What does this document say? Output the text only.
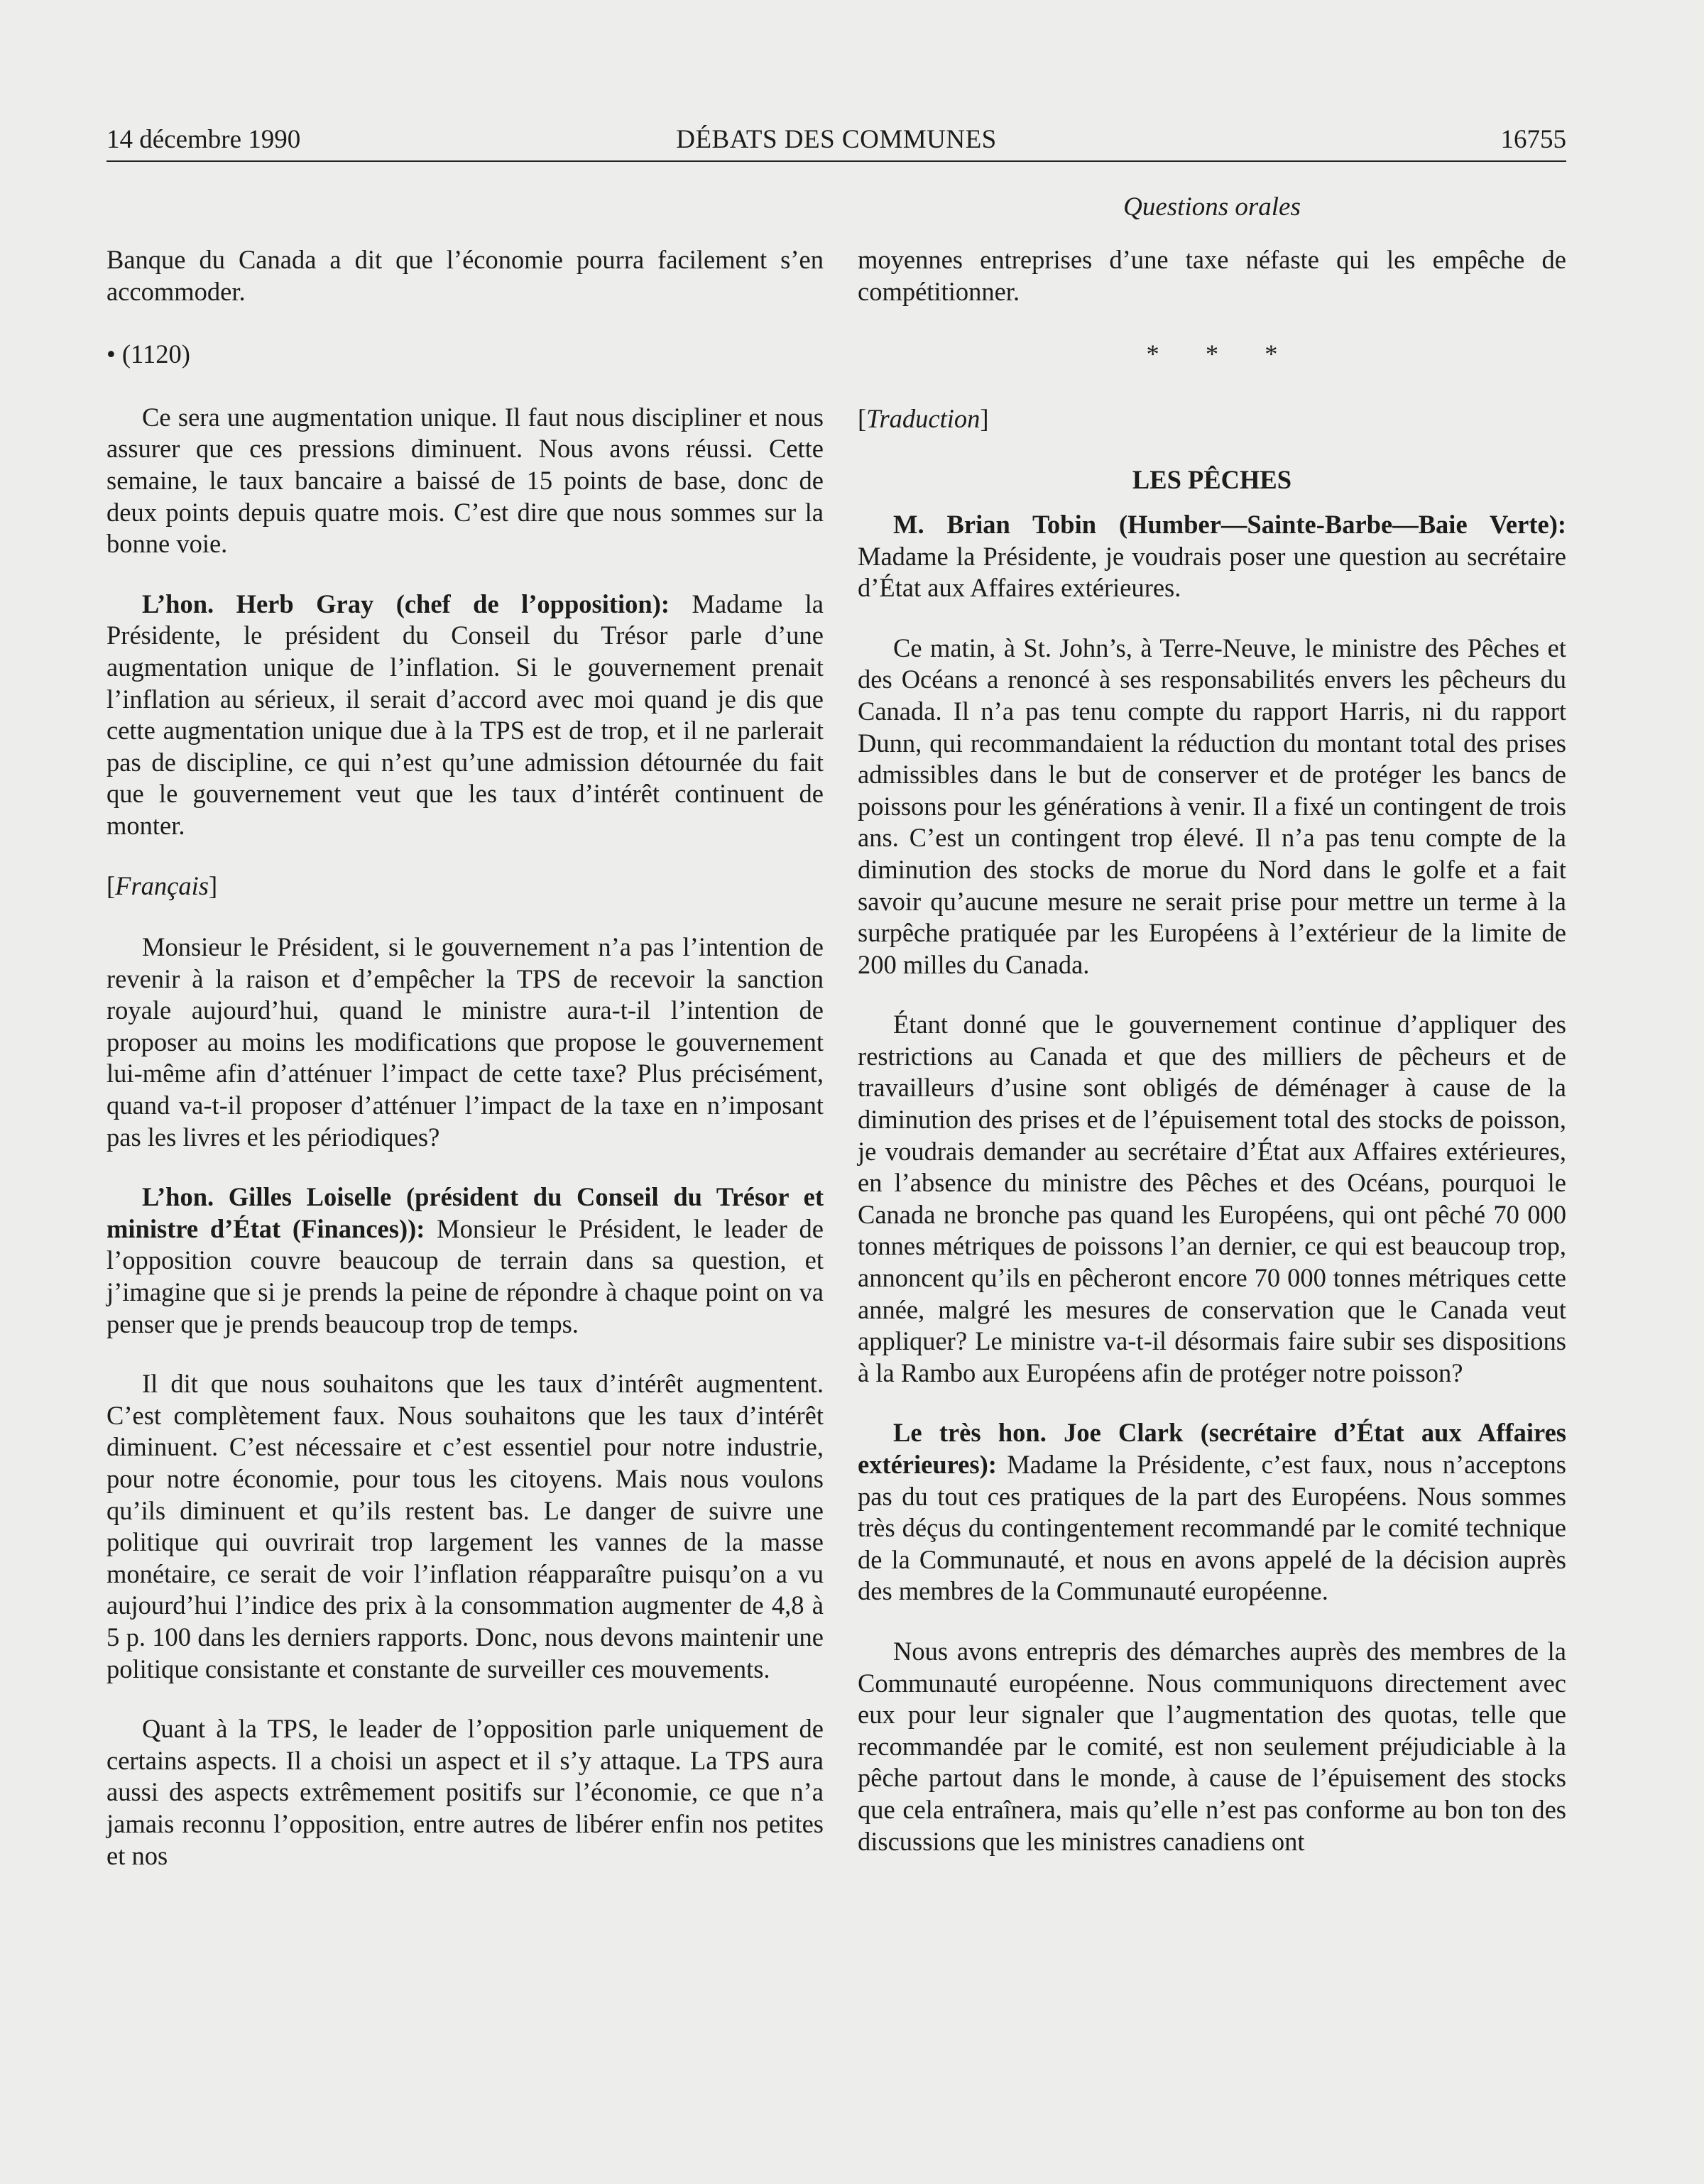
14 décembre 1990	DÉBATS DES COMMUNES	16755
Questions orales

Banque du Canada a dit que l’économie pourra facilement s’en accommoder.

• (1120)

Ce sera une augmentation unique. Il faut nous discipliner et nous assurer que ces pressions diminuent. Nous avons réussi. Cette semaine, le taux bancaire a baissé de 15 points de base, donc de deux points depuis quatre mois. C’est dire que nous sommes sur la bonne voie.

L’hon. Herb Gray (chef de l’opposition): Madame la Présidente, le président du Conseil du Trésor parle d’une augmentation unique de l’inflation. Si le gouvernement prenait l’inflation au sérieux, il serait d’accord avec moi quand je dis que cette augmentation unique due à la TPS est de trop, et il ne parlerait pas de discipline, ce qui n’est qu’une admission détournée du fait que le gouvernement veut que les taux d’intérêt continuent de monter.

[Français]

Monsieur le Président, si le gouvernement n’a pas l’intention de revenir à la raison et d’empêcher la TPS de recevoir la sanction royale aujourd’hui, quand le ministre aura-t-il l’intention de proposer au moins les modifications que propose le gouvernement lui-même afin d’atténuer l’impact de cette taxe? Plus précisément, quand va-t-il proposer d’atténuer l’impact de la taxe en n’imposant pas les livres et les périodiques?

L’hon. Gilles Loiselle (président du Conseil du Trésor et ministre d’État (Finances)): Monsieur le Président, le leader de l’opposition couvre beaucoup de terrain dans sa question, et j’imagine que si je prends la peine de répondre à chaque point on va penser que je prends beaucoup trop de temps.

Il dit que nous souhaitons que les taux d’intérêt augmentent. C’est complètement faux. Nous souhaitons que les taux d’intérêt diminuent. C’est nécessaire et c’est essentiel pour notre industrie, pour notre économie, pour tous les citoyens. Mais nous voulons qu’ils diminuent et qu’ils restent bas. Le danger de suivre une politique qui ouvrirait trop largement les vannes de la masse monétaire, ce serait de voir l’inflation réapparaître puisqu’on a vu aujourd’hui l’indice des prix à la consommation augmenter de 4,8 à 5 p. 100 dans les derniers rapports. Donc, nous devons maintenir une politique consistante et constante de surveiller ces mouvements.

Quant à la TPS, le leader de l’opposition parle uniquement de certains aspects. Il a choisi un aspect et il s’y attaque. La TPS aura aussi des aspects extrêmement positifs sur l’économie, ce que n’a jamais reconnu l’opposition, entre autres de libérer enfin nos petites et nos

moyennes entreprises d’une taxe néfaste qui les empêche de compétitionner.

* * *
[Traduction]
LES PÊCHES

M. Brian Tobin (Humber—Sainte-Barbe—Baie Verte): Madame la Présidente, je voudrais poser une question au secrétaire d’État aux Affaires extérieures.

Ce matin, à St. John’s, à Terre-Neuve, le ministre des Pêches et des Océans a renoncé à ses responsabilités envers les pêcheurs du Canada. Il n’a pas tenu compte du rapport Harris, ni du rapport Dunn, qui recommandaient la réduction du montant total des prises admissibles dans le but de conserver et de protéger les bancs de poissons pour les générations à venir. Il a fixé un contingent de trois ans. C’est un contingent trop élevé. Il n’a pas tenu compte de la diminution des stocks de morue du Nord dans le golfe et a fait savoir qu’aucune mesure ne serait prise pour mettre un terme à la surpêche pratiquée par les Européens à l’extérieur de la limite de 200 milles du Canada.

Étant donné que le gouvernement continue d’appliquer des restrictions au Canada et que des milliers de pêcheurs et de travailleurs d’usine sont obligés de déménager à cause de la diminution des prises et de l’épuisement total des stocks de poisson, je voudrais demander au secrétaire d’État aux Affaires extérieures, en l’absence du ministre des Pêches et des Océans, pourquoi le Canada ne bronche pas quand les Européens, qui ont pêché 70 000 tonnes métriques de poissons l’an dernier, ce qui est beaucoup trop, annoncent qu’ils en pêcheront encore 70 000 tonnes métriques cette année, malgré les mesures de conservation que le Canada veut appliquer? Le ministre va-t-il désormais faire subir ses dispositions à la Rambo aux Européens afin de protéger notre poisson?

Le très hon. Joe Clark (secrétaire d’État aux Affaires extérieures): Madame la Présidente, c’est faux, nous n’acceptons pas du tout ces pratiques de la part des Européens. Nous sommes très déçus du contingentement recommandé par le comité technique de la Communauté, et nous en avons appelé de la décision auprès des membres de la Communauté européenne.

Nous avons entrepris des démarches auprès des membres de la Communauté européenne. Nous communiquons directement avec eux pour leur signaler que l’augmentation des quotas, telle que recommandée par le comité, est non seulement préjudiciable à la pêche partout dans le monde, à cause de l’épuisement des stocks que cela entraînera, mais qu’elle n’est pas conforme au bon ton des discussions que les ministres canadiens ont
